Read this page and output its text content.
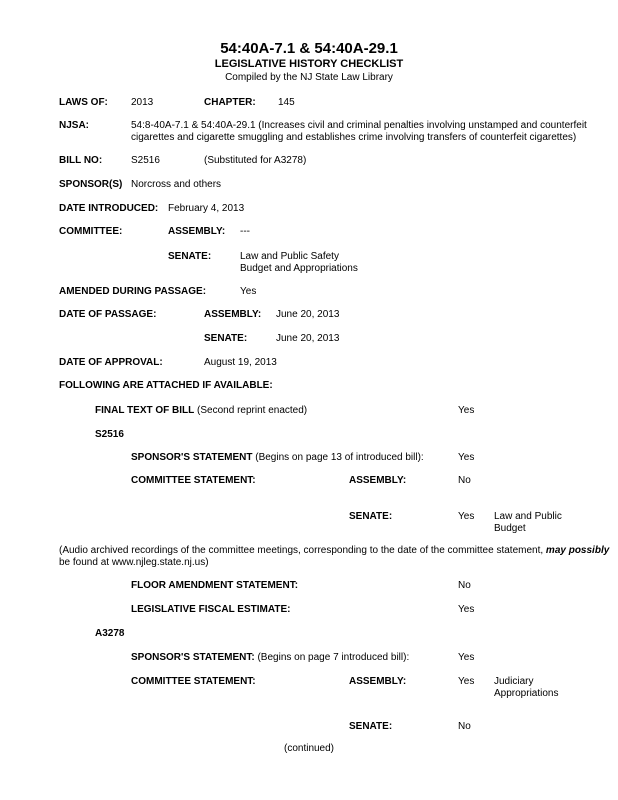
54:40A-7.1 & 54:40A-29.1
LEGISLATIVE HISTORY CHECKLIST
Compiled by the NJ State Law Library
LAWS OF: 2013	CHAPTER: 145
NJSA:	54:8-40A-7.1 & 54:40A-29.1 (Increases civil and criminal penalties involving unstamped and counterfeit
cigarettes and cigarette smuggling and establishes crime involving transfers of counterfeit cigarettes)
BILL NO:	S2516	(Substituted for A3278)
SPONSOR(S) Norcross and others
DATE INTRODUCED: February 4, 2013
COMMITTEE:	ASSEMBLY: ---
SENATE:	Law and Public Safety
Budget and Appropriations
AMENDED DURING PASSAGE:	Yes
DATE OF PASSAGE:	ASSEMBLY: June 20, 2013
SENATE:	June 20, 2013
DATE OF APPROVAL:	August 19, 2013
FOLLOWING ARE ATTACHED IF AVAILABLE:
FINAL TEXT OF BILL (Second reprint enacted)	Yes
S2516
SPONSOR'S STATEMENT (Begins on page 13 of introduced bill):	Yes
COMMITTEE STATEMENT:	ASSEMBLY:	No
SENATE:	Yes Law and Public
Budget
(Audio archived recordings of the committee meetings, corresponding to the date of the committee statement, may possibly
be found at www.njleg.state.nj.us)
FLOOR AMENDMENT STATEMENT:	No
LEGISLATIVE FISCAL ESTIMATE:	Yes
A3278
SPONSOR'S STATEMENT: (Begins on page 7 introduced bill):	Yes
COMMITTEE STATEMENT:	ASSEMBLY:	Yes Judiciary
Appropriations
SENATE:	No
(continued)
